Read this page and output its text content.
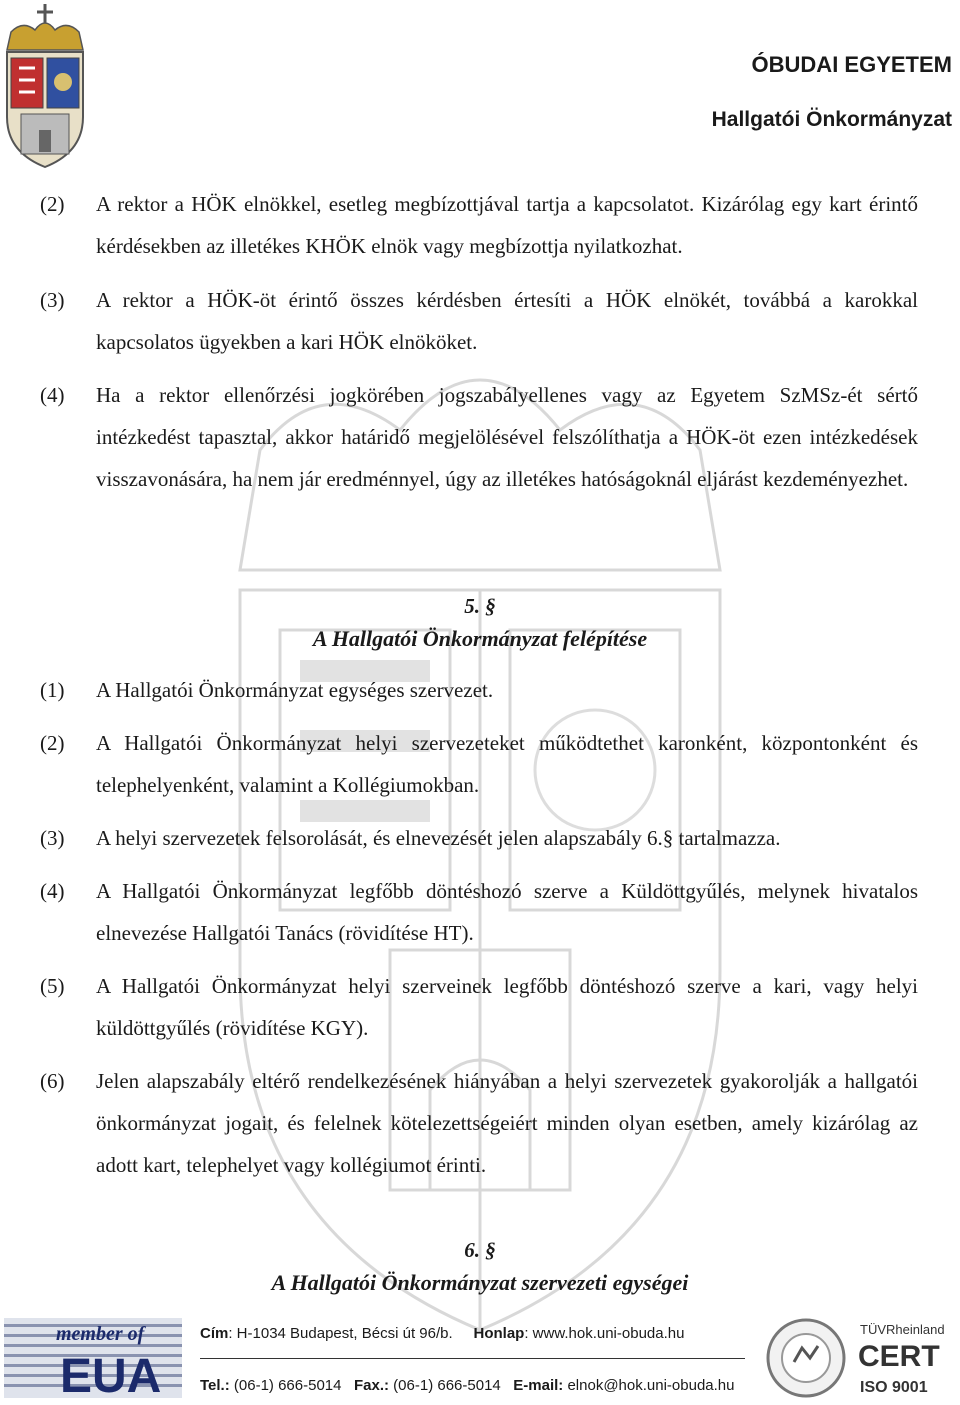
ÓBUDAI EGYETEM
Hallgatói Önkormányzat
(2) A rektor a HÖK elnökkel, esetleg megbízottjával tartja a kapcsolatot. Kizárólag egy kart érintő kérdésekben az illetékes KHÖK elnök vagy megbízottja nyilatkozhat.
(3) A rektor a HÖK-öt érintő összes kérdésben értesíti a HÖK elnökét, továbbá a karokkal kapcsolatos ügyekben a kari HÖK elnököket.
(4) Ha a rektor ellenőrzési jogkörében jogszabályellenes vagy az Egyetem SzMSz-ét sértő intézkedést tapasztal, akkor határidő megjelölésével felszólíthatja a HÖK-öt ezen intézkedések visszavonására, ha nem jár eredménnyel, úgy az illetékes hatóságoknál eljárást kezdeményezhet.
5. §
A Hallgatói Önkormányzat felépítése
(1) A Hallgatói Önkormányzat egységes szervezet.
(2) A Hallgatói Önkormányzat helyi szervezeteket működtethet karonként, központonként és telephelyenként, valamint a Kollégiumokban.
(3) A helyi szervezetek felsorolását, és elnevezését jelen alapszabály 6.§ tartalmazza.
(4) A Hallgatói Önkormányzat legfőbb döntéshozó szerve a Küldöttgyűlés, melynek hivatalos elnevezése Hallgatói Tanács (rövidítése HT).
(5) A Hallgatói Önkormányzat helyi szerveinek legfőbb döntéshozó szerve a kari, vagy helyi küldöttgyűlés (rövidítése KGY).
(6) Jelen alapszabály eltérő rendelkezésének hiányában a helyi szervezetek gyakorolják a hallgatói önkormányzat jogait, és felelnek kötelezettségeiért minden olyan esetben, amely kizárólag az adott kart, telephelyet vagy kollégiumot érinti.
6. §
A Hallgatói Önkormányzat szervezeti egységei
member of
EUA
Cím: H-1034 Budapest, Bécsi út 96/b. Honlap: www.hok.uni-obuda.hu
Tel.: (06-1) 666-5014 Fax.: (06-1) 666-5014 E-mail: elnok@hok.uni-obuda.hu
TÜVRheinland
CERT
ISO 9001
